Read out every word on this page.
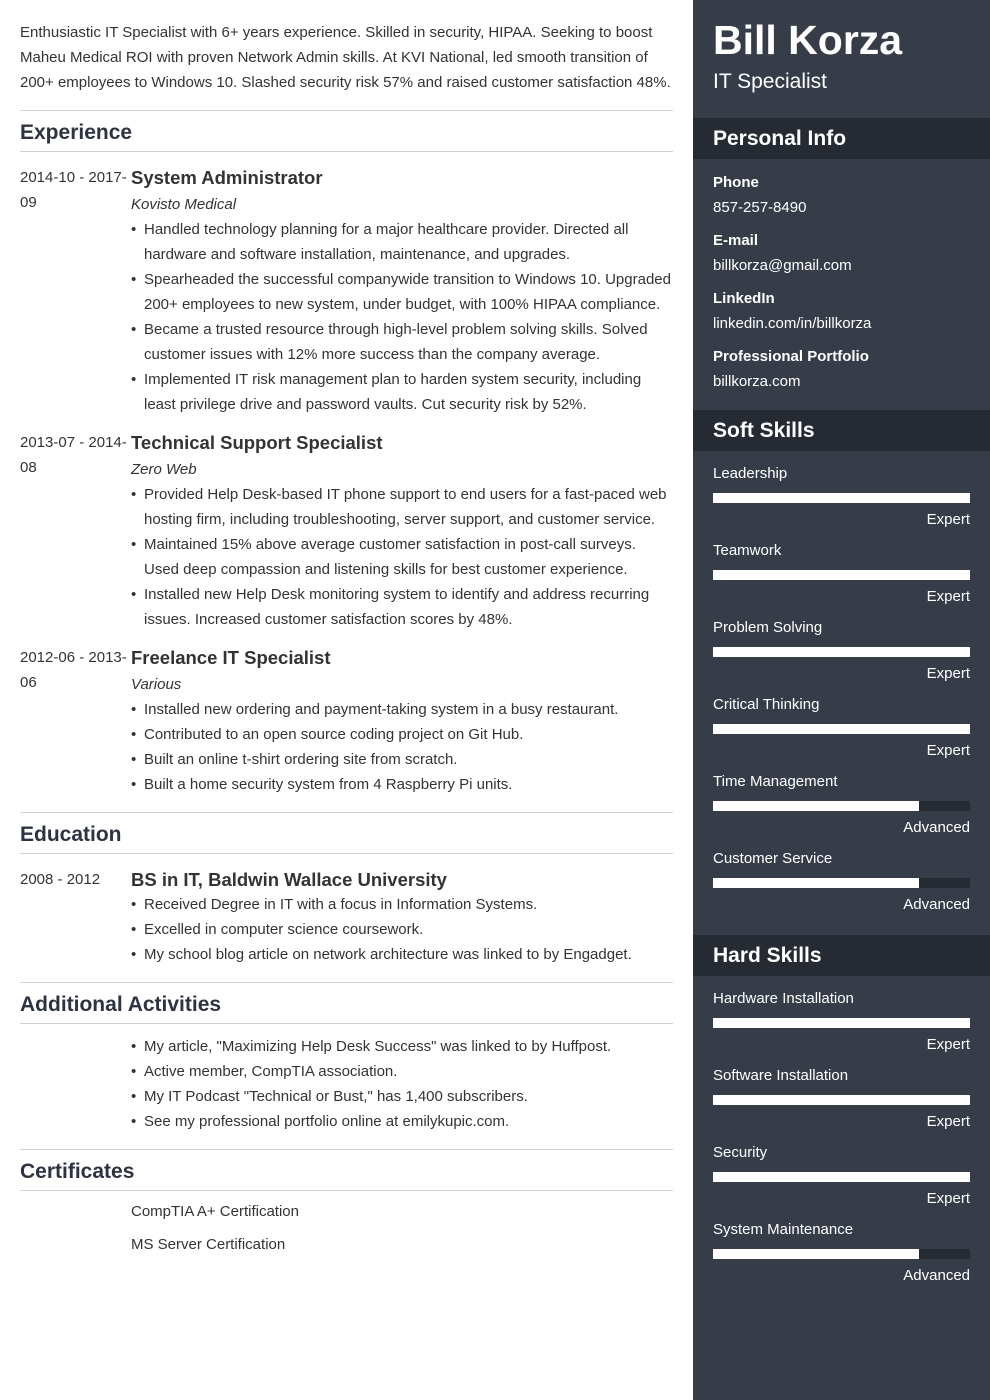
Enthusiastic IT Specialist with 6+ years experience. Skilled in security, HIPAA. Seeking to boost Maheu Medical ROI with proven Network Admin skills. At KVI National, led smooth transition of 200+ employees to Windows 10. Slashed security risk 57% and raised customer satisfaction 48%.

Experience
2014-10 - 2017-09
System Administrator
Kovisto Medical
• Handled technology planning for a major healthcare provider. Directed all hardware and software installation, maintenance, and upgrades.
• Spearheaded the successful companywide transition to Windows 10. Upgraded 200+ employees to new system, under budget, with 100% HIPAA compliance.
• Became a trusted resource through high-level problem solving skills. Solved customer issues with 12% more success than the company average.
• Implemented IT risk management plan to harden system security, including least privilege drive and password vaults. Cut security risk by 52%.
2013-07 - 2014-08
Technical Support Specialist
Zero Web
• Provided Help Desk-based IT phone support to end users for a fast-paced web hosting firm, including troubleshooting, server support, and customer service.
• Maintained 15% above average customer satisfaction in post-call surveys. Used deep compassion and listening skills for best customer experience.
• Installed new Help Desk monitoring system to identify and address recurring issues. Increased customer satisfaction scores by 48%.
2012-06 - 2013-06
Freelance IT Specialist
Various
• Installed new ordering and payment-taking system in a busy restaurant.
• Contributed to an open source coding project on Git Hub.
• Built an online t-shirt ordering site from scratch.
• Built a home security system from 4 Raspberry Pi units.
Education
2008 - 2012	BS in IT, Baldwin Wallace University
• Received Degree in IT with a focus in Information Systems.
• Excelled in computer science coursework.
• My school blog article on network architecture was linked to by Engadget.
Additional Activities
• My article, "Maximizing Help Desk Success" was linked to by Huffpost.
• Active member, CompTIA association.
• My IT Podcast "Technical or Bust," has 1,400 subscribers.
• See my professional portfolio online at emilykupic.com.
Certificates
CompTIA A+ Certification
MS Server Certification
Bill Korza
IT Specialist
Personal Info
Phone
857-257-8490
E-mail
billkorza@gmail.com
LinkedIn
linkedin.com/in/billkorza
Professional Portfolio
billkorza.com
Soft Skills
Leadership
Expert
Teamwork
Expert
Problem Solving
Expert
Critical Thinking
Expert
Time Management
Advanced
Customer Service
Advanced
Hard Skills
Hardware Installation
Expert
Software Installation
Expert
Security
Expert
System Maintenance
Advanced
